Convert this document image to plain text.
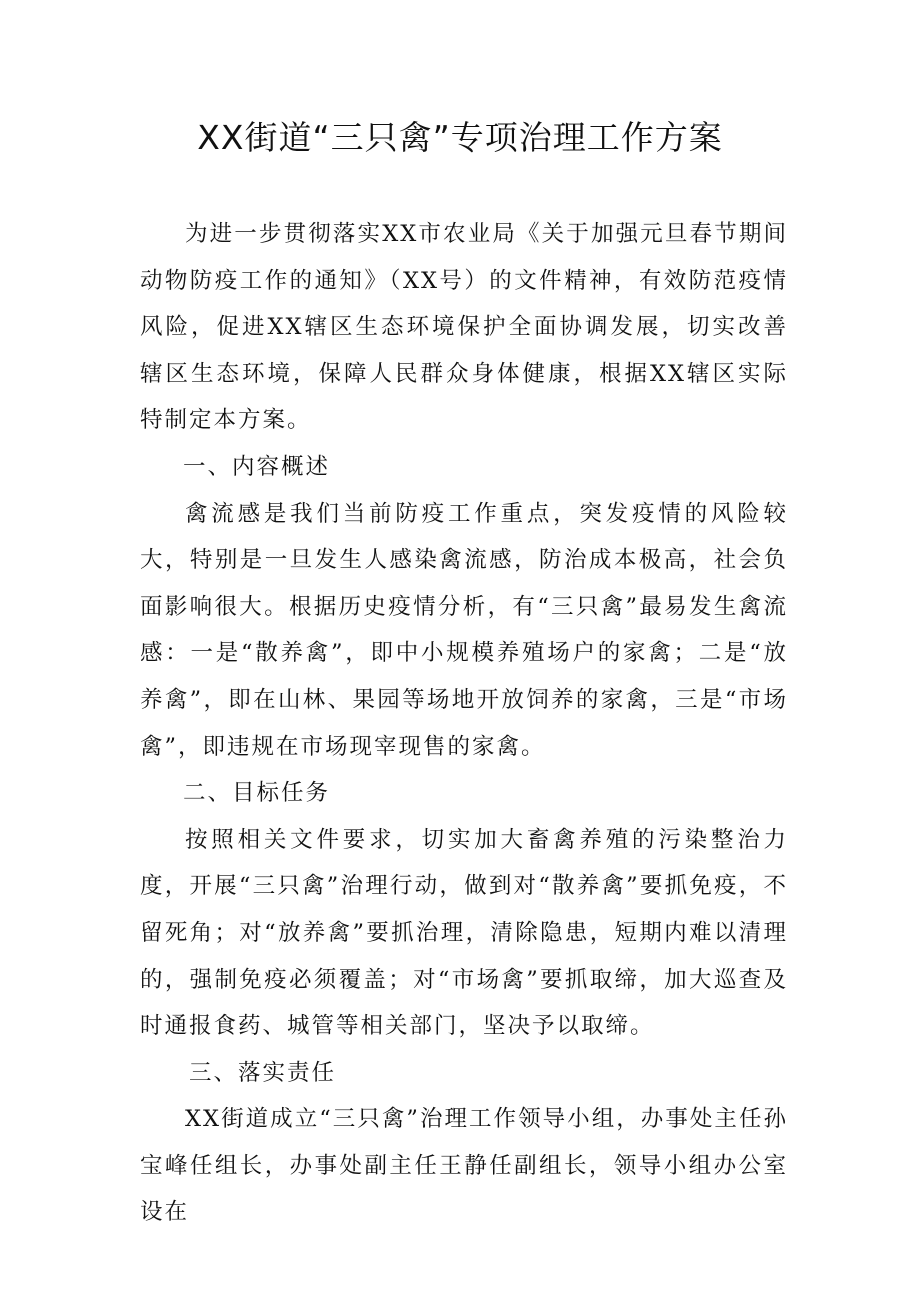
XX街道“三只禽”专项治理工作方案

为进一步贯彻落实XX市农业局《关于加强元旦春节期间动物防疫工作的通知》（XX号）的文件精神，有效防范疫情风险，促进XX辖区生态环境保护全面协调发展，切实改善辖区生态环境，保障人民群众身体健康，根据XX辖区实际特制定本方案。

一、内容概述

禽流感是我们当前防疫工作重点，突发疫情的风险较大，特别是一旦发生人感染禽流感，防治成本极高，社会负面影响很大。根据历史疫情分析，有“三只禽”最易发生禽流感：一是“散养禽”，即中小规模养殖场户的家禽；二是“放养禽”，即在山林、果园等场地开放饲养的家禽，三是“市场禽”，即违规在市场现宰现售的家禽。

二、目标任务

按照相关文件要求，切实加大畜禽养殖的污染整治力度，开展“三只禽”治理行动，做到对“散养禽”要抓免疫，不留死角；对“放养禽”要抓治理，清除隐患，短期内难以清理的，强制免疫必须覆盖；对“市场禽”要抓取缔，加大巡查及时通报食药、城管等相关部门，坚决予以取缔。

三、落实责任

XX街道成立“三只禽”治理工作领导小组，办事处主任孙宝峰任组长，办事处副主任王静任副组长，领导小组办公室设在
